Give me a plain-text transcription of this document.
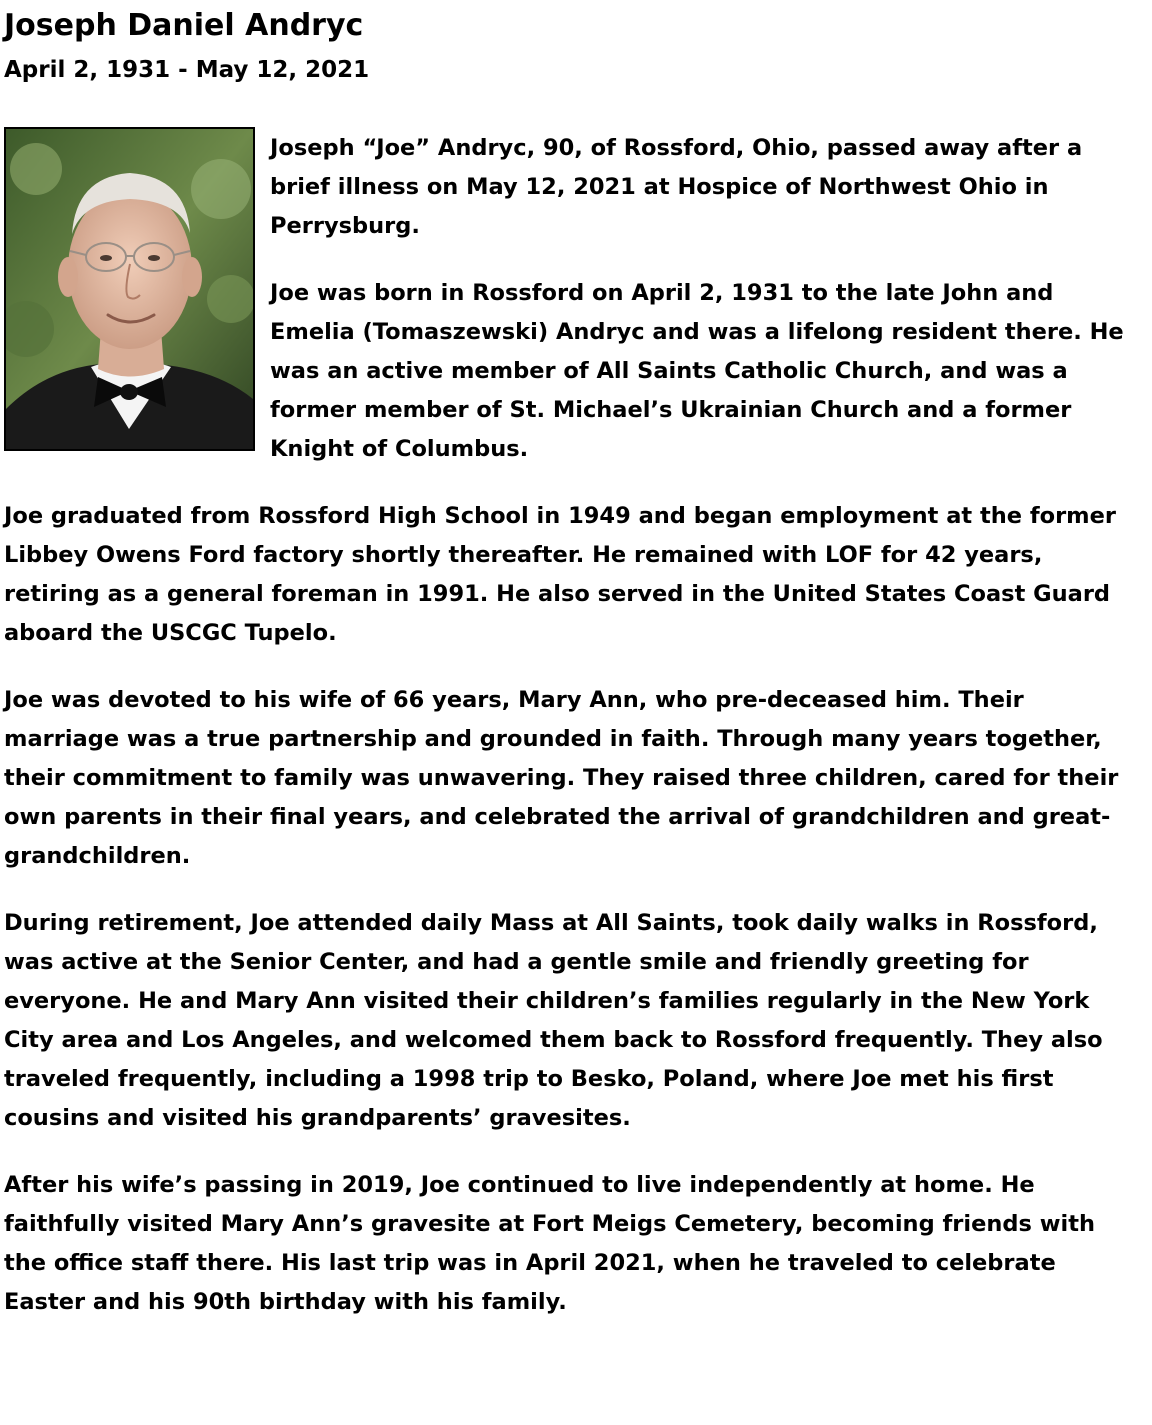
Joseph Daniel Andryc
April 2, 1931 - May 12, 2021

Joseph “Joe” Andryc, 90, of Rossford, Ohio, passed away after a brief illness on May 12, 2021 at Hospice of Northwest Ohio in Perrysburg.

Joe was born in Rossford on April 2, 1931 to the late John and Emelia (Tomaszewski) Andryc and was a lifelong resident there. He was an active member of All Saints Catholic Church, and was a former member of St. Michael’s Ukrainian Church and a former Knight of Columbus.

Joe graduated from Rossford High School in 1949 and began employment at the former Libbey Owens Ford factory shortly thereafter. He remained with LOF for 42 years, retiring as a general foreman in 1991. He also served in the United States Coast Guard aboard the USCGC Tupelo.

Joe was devoted to his wife of 66 years, Mary Ann, who pre-deceased him. Their marriage was a true partnership and grounded in faith. Through many years together, their commitment to family was unwavering. They raised three children, cared for their own parents in their final years, and celebrated the arrival of grandchildren and great-grandchildren.

During retirement, Joe attended daily Mass at All Saints, took daily walks in Rossford, was active at the Senior Center, and had a gentle smile and friendly greeting for everyone. He and Mary Ann visited their children’s families regularly in the New York City area and Los Angeles, and welcomed them back to Rossford frequently. They also traveled frequently, including a 1998 trip to Besko, Poland, where Joe met his first cousins and visited his grandparents’ gravesites.

After his wife’s passing in 2019, Joe continued to live independently at home. He faithfully visited Mary Ann’s gravesite at Fort Meigs Cemetery, becoming friends with the office staff there. His last trip was in April 2021, when he traveled to celebrate Easter and his 90th birthday with his family.
